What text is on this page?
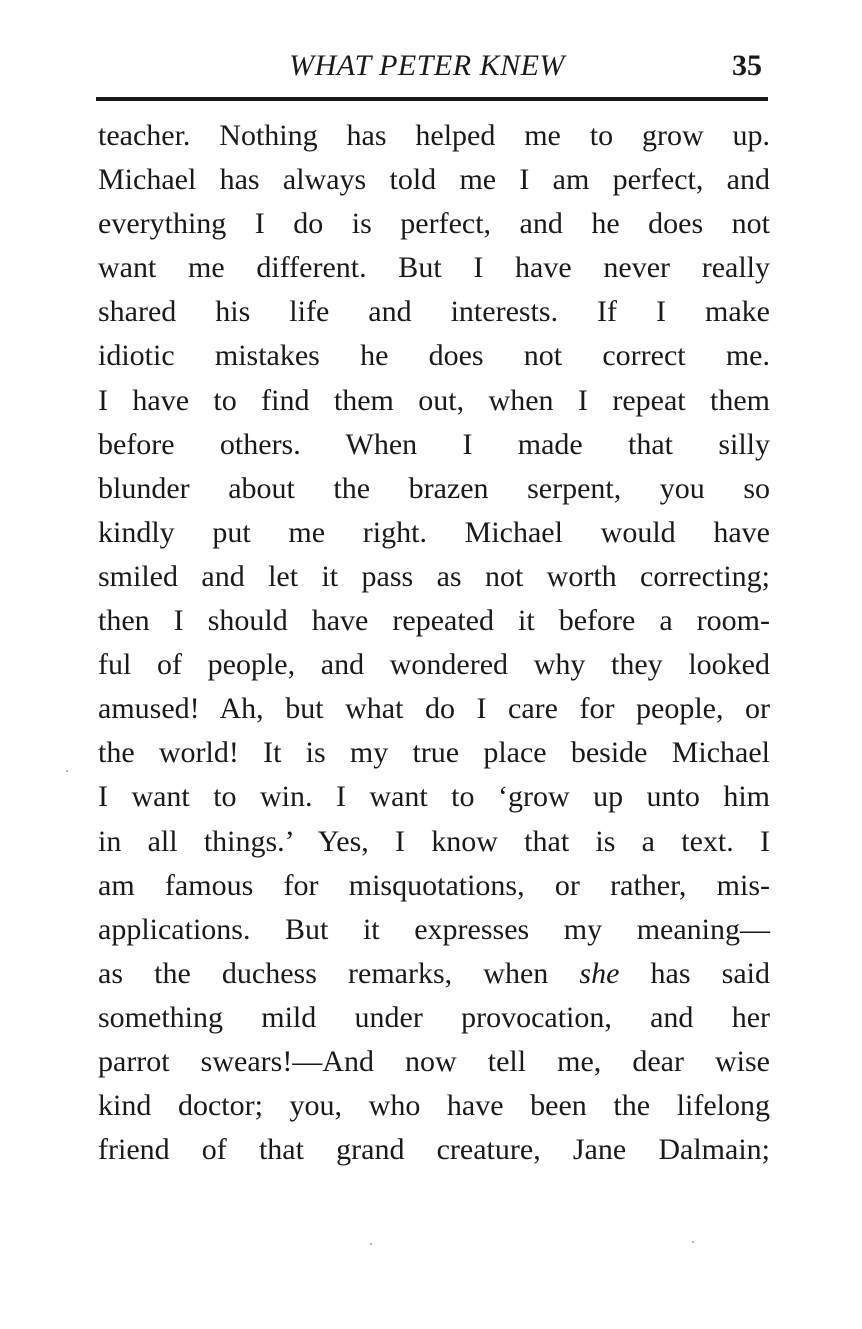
WHAT PETER KNEW	35
teacher. Nothing has helped me to grow up.
Michael has always told me I am perfect, and
everything I do is perfect, and he does not
want me different. But I have never really
shared his life and interests. If I make
idiotic mistakes he does not correct me.
I have to find them out, when I repeat them
before others. When I made that silly
blunder about the brazen serpent, you so
kindly put me right. Michael would have
smiled and let it pass as not worth correcting;
then I should have repeated it before a room-
ful of people, and wondered why they looked
amused! Ah, but what do I care for people, or
the world! It is my true place beside Michael
I want to win. I want to ‘grow up unto him
in all things.’ Yes, I know that is a text. I
am famous for misquotations, or rather, mis-
applications. But it expresses my meaning—
as the duchess remarks, when she has said
something mild under provocation, and her
parrot swears!—And now tell me, dear wise
kind doctor; you, who have been the lifelong
friend of that grand creature, Jane Dalmain;
